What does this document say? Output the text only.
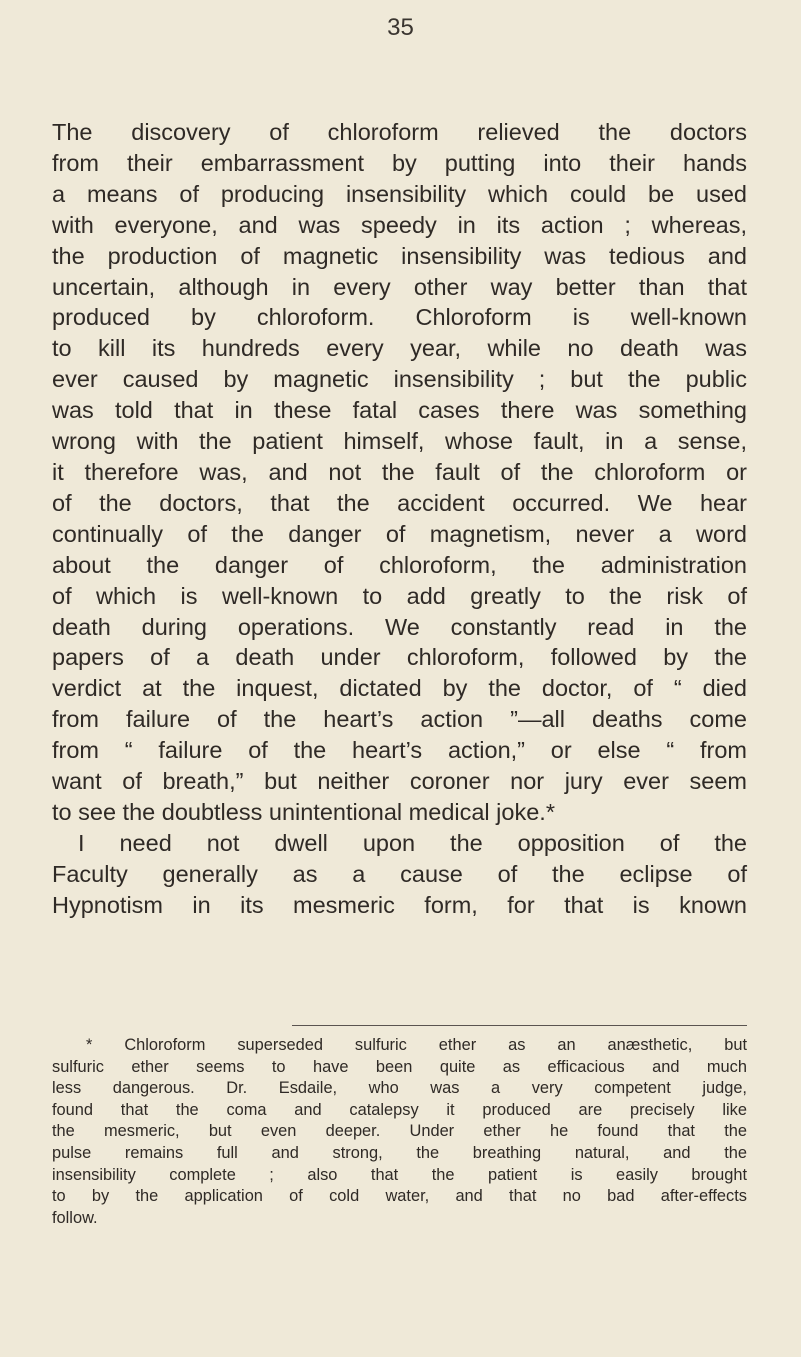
35

The discovery of chloroform relieved the doctors

from their embarrassment by putting into their hands

a means of producing insensibility which could be used

with everyone, and was speedy in its action ; whereas,

the production of magnetic insensibility was tedious and

uncertain, although in every other way better than that

produced by chloroform. Chloroform is well-known

to kill its hundreds every year, while no death was

ever caused by magnetic insensibility ; but the public

was told that in these fatal cases there was something

wrong with the patient himself, whose fault, in a sense,

it therefore was, and not the fault of the chloroform or

of the doctors, that the accident occurred. We hear

continually of the danger of magnetism, never a word

about the danger of chloroform, the administration

of which is well-known to add greatly to the risk of

death during operations. We constantly read in the

papers of a death under chloroform, followed by the

verdict at the inquest, dictated by the doctor, of “ died

from failure of the heart’s action ”—all deaths come

from “ failure of the heart’s action,” or else “ from

want of breath,” but neither coroner nor jury ever seem

to see the doubtless unintentional medical joke.*

I need not dwell upon the opposition of the

Faculty generally as a cause of the eclipse of

Hypnotism in its mesmeric form, for that is known

* Chloroform superseded sulfuric ether as an anæsthetic, but

sulfuric ether seems to have been quite as efficacious and much

less dangerous. Dr. Esdaile, who was a very competent judge,

found that the coma and catalepsy it produced are precisely like

the mesmeric, but even deeper. Under ether he found that the

pulse remains full and strong, the breathing natural, and the

insensibility complete ; also that the patient is easily brought

to by the application of cold water, and that no bad after-effects

follow.
